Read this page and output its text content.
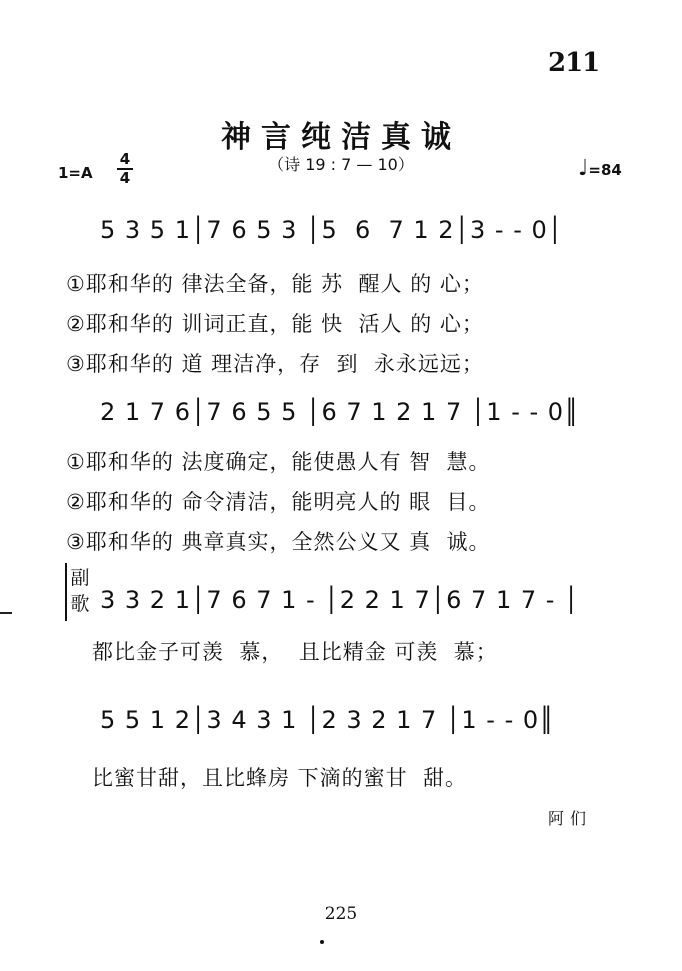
211
神言纯洁真诚
（诗 19 : 7 — 10）
1=A
4
4	♩=84
5 3 5 1│7 6 5 3 │5  6  7 1 2│3 - - 0│
①耶和华的 律法全备，能 苏  醒人 的 心；
②耶和华的 训词正直，能 快  活人 的 心；
③耶和华的 道 理洁净，存  到  永永远远；
2 1 7 6│7 6 5 5 │6 7 1 2 1 7 │1 - - 0║
①耶和华的 法度确定，能使愚人有 智  慧。
②耶和华的 命令清洁，能明亮人的 眼  目。
③耶和华的 典章真实，全然公义又 真  诚。
副歌 3 3 2 1│7 6 7 1 - │2 2 1 7│6 7 1 7 - │
都比金子可羡  慕，  且比精金 可羡  慕；
5 5 1 2│3 4 3 1 │2 3 2 1 7 │1 - - 0║
比蜜甘甜，且比蜂房 下滴的蜜甘  甜。
阿们
225
